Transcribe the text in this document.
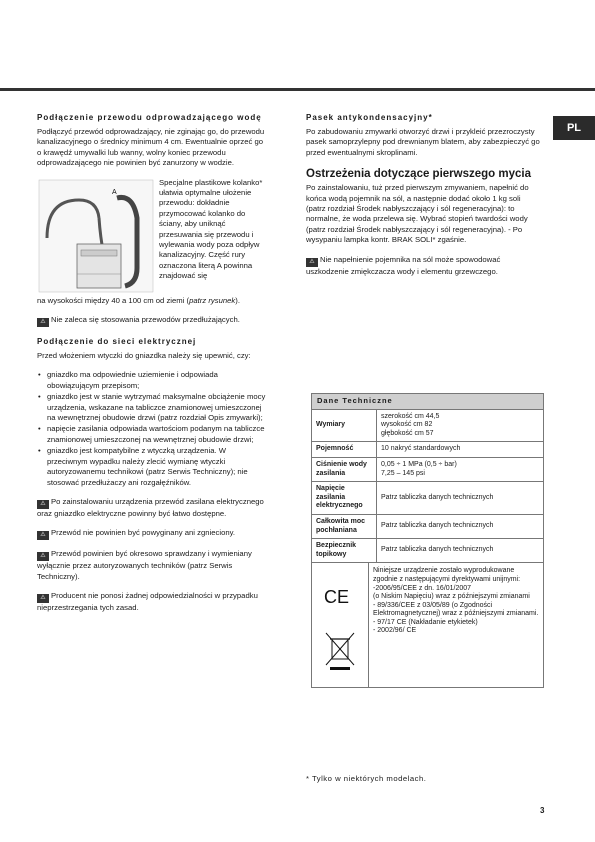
PL
Podłączenie przewodu odprowadzającego wodę

Podłączyć przewód odprowadzający, nie zginając go, do przewodu kanalizacyjnego o średnicy minimum 4 cm. Ewentualnie oprzeć go o krawędź umywalki lub wanny, wolny koniec przewodu odprowadzającego nie powinien być zanurzony w wodzie.

A
Specjalne plastikowe kolanko* ułatwia optymalne ułożenie przewodu: dokładnie przymocować kolanko do ściany, aby uniknąć przesuwania się przewodu i wylewania wody poza odpływ kanalizacyjny. Część rury oznaczona literą A powinna znajdować się

na wysokości między 40 a 100 cm od ziemi (patrz rysunek).

⚠ Nie zaleca się stosowania przewodów przedłużających.

Podłączenie do sieci elektrycznej

Przed włożeniem wtyczki do gniazdka należy się upewnić, czy:

• gniazdko ma odpowiednie uziemienie i odpowiada obowiązującym przepisom;
• gniazdko jest w stanie wytrzymać maksymalne obciążenie mocy urządzenia, wskazane na tabliczce znamionowej umieszczonej na wewnętrznej obudowie drzwi (patrz rozdział Opis zmywarki);
• napięcie zasilania odpowiada wartościom podanym na tabliczce znamionowej umieszczonej na wewnętrznej obudowie drzwi;
• gniazdko jest kompatybilne z wtyczką urządzenia. W przeciwnym wypadku należy zlecić wymianę wtyczki autoryzowanemu technikowi (patrz Serwis Techniczny); nie stosować przedłużaczy ani rozgałęźników.

⚠ Po zainstalowaniu urządzenia przewód zasilana elektrycznego oraz gniazdko elektryczne powinny być łatwo dostępne.

⚠ Przewód nie powinien być powyginany ani zgnieciony.

⚠ Przewód powinien być okresowo sprawdzany i wymieniany wyłącznie przez autoryzowanych techników (patrz Serwis Techniczny).

⚠ Producent nie ponosi żadnej odpowiedzialności w przypadku nieprzestrzegania tych zasad.

Pasek antykondensacyjny*

Po zabudowaniu zmywarki otworzyć drzwi i przykleić przezroczysty pasek samoprzylepny pod drewnianym blatem, aby zabezpieczyć go przed ewentualnymi skroplinami.

Ostrzeżenia dotyczące pierwszego mycia

Po zainstalowaniu, tuż przed pierwszym zmywaniem, napełnić do końca wodą pojemnik na sól, a następnie dodać około 1 kg soli (patrz rozdział Środek nabłyszczający i sól regeneracyjna): to normalne, że woda przelewa się. Wybrać stopień twardości wody (patrz rozdział Środek nabłyszczający i sól regeneracyjna). - Po wysypaniu lampka kontr. BRAK SOLI* zgaśnie.

⚠ Nie napełnienie pojemnika na sól może spowodować uszkodzenie zmiękczacza wody i elementu grzewczego.

Dane Techniczne
Wymiary
szerokość cm 44,5
wysokość cm 82
głębokość cm 57
Pojemność	10 nakryć standardowych
Ciśnienie wody zasilania
0,05 ÷ 1 MPa (0,5 ÷ bar)
7,25 – 145 psi
Napięcie zasilania elektrycznego
Patrz tabliczka danych technicznych
Całkowita moc pochłaniana
Patrz tabliczka danych technicznych
Bezpiecznik topikowy
Patrz tabliczka danych technicznych
CE
Niniejsze urządzenie zostało wyprodukowane zgodnie z następującymi dyrektywami unijnymi:
-2006/95/CEE z dn. 16/01/2007
(o Niskim Napięciu) wraz z późniejszymi zmianami
- 89/336/CEE z 03/05/89 (o Zgodności Elektromagnetycznej) wraz z późniejszymi zmianami.
- 97/17 CE (Nakładanie etykietek)
- 2002/96/ CE
* Tylko w niektórych modelach.
3
